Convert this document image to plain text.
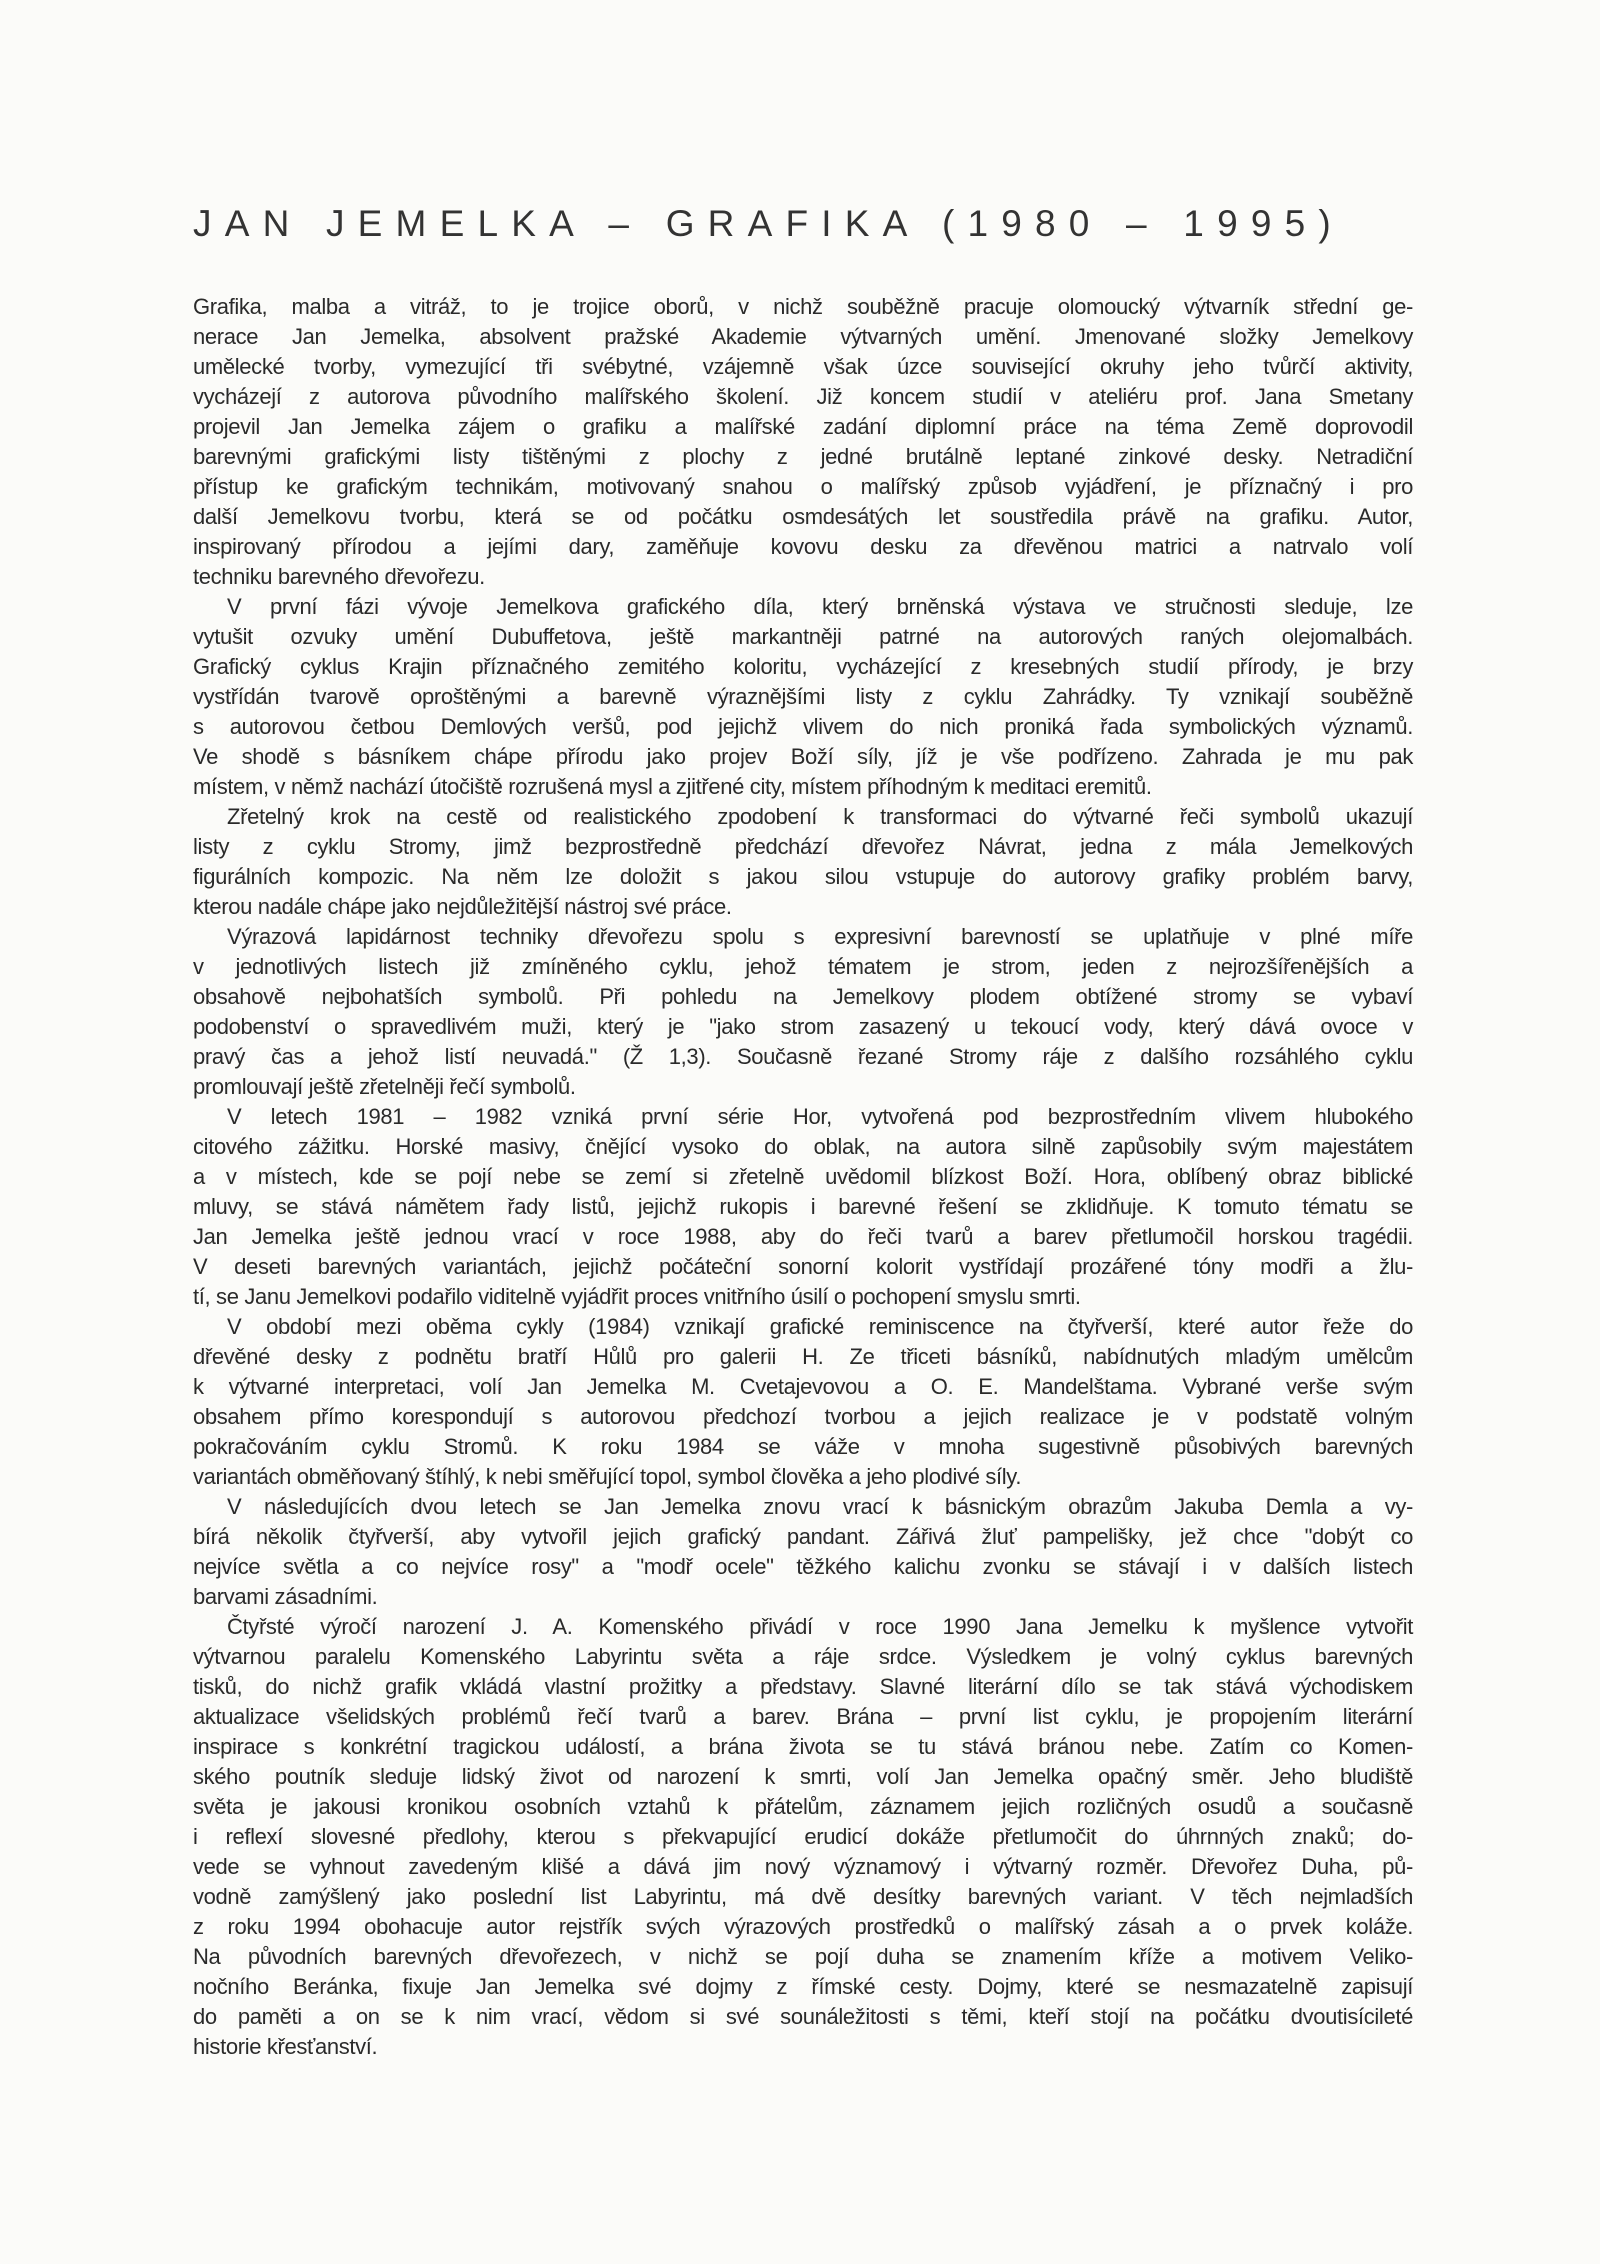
JAN JEMELKA – GRAFIKA (1980 – 1995)
Grafika, malba a vitráž, to je trojice oborů, v nichž souběžně pracuje olomoucký výtvarník střední ge-
nerace Jan Jemelka, absolvent pražské Akademie výtvarných umění. Jmenované složky Jemelkovy
umělecké tvorby, vymezující tři svébytné, vzájemně však úzce související okruhy jeho tvůrčí aktivity,
vycházejí z autorova původního malířského školení. Již koncem studií v ateliéru prof. Jana Smetany
projevil Jan Jemelka zájem o grafiku a malířské zadání diplomní práce na téma Země doprovodil
barevnými grafickými listy tištěnými z plochy z jedné brutálně leptané zinkové desky. Netradiční
přístup ke grafickým technikám, motivovaný snahou o malířský způsob vyjádření, je příznačný i pro
další Jemelkovu tvorbu, která se od počátku osmdesátých let soustředila právě na grafiku. Autor,
inspirovaný přírodou a jejími dary, zaměňuje kovovu desku za dřevěnou matrici a natrvalo volí
techniku barevného dřevořezu.
V první fázi vývoje Jemelkova grafického díla, který brněnská výstava ve stručnosti sleduje, lze
vytušit ozvuky umění Dubuffetova, ještě markantněji patrné na autorových raných olejomalbách.
Grafický cyklus Krajin příznačného zemitého koloritu, vycházející z kresebných studií přírody, je brzy
vystřídán tvarově oproštěnými a barevně výraznějšími listy z cyklu Zahrádky. Ty vznikají souběžně
s autorovou četbou Demlových veršů, pod jejichž vlivem do nich proniká řada symbolických významů.
Ve shodě s básníkem chápe přírodu jako projev Boží síly, jíž je vše podřízeno. Zahrada je mu pak
místem, v němž nachází útočiště rozrušená mysl a zjitřené city, místem příhodným k meditaci eremitů.
Zřetelný krok na cestě od realistického zpodobení k transformaci do výtvarné řeči symbolů ukazují
listy z cyklu Stromy, jimž bezprostředně předchází dřevořez Návrat, jedna z mála Jemelkových
figurálních kompozic. Na něm lze doložit s jakou silou vstupuje do autorovy grafiky problém barvy,
kterou nadále chápe jako nejdůležitější nástroj své práce.
Výrazová lapidárnost techniky dřevořezu spolu s expresivní barevností se uplatňuje v plné míře
v jednotlivých listech již zmíněného cyklu, jehož tématem je strom, jeden z nejrozšířenějších a
obsahově nejbohatších symbolů. Při pohledu na Jemelkovy plodem obtížené stromy se vybaví
podobenství o spravedlivém muži, který je "jako strom zasazený u tekoucí vody, který dává ovoce v
pravý čas a jehož listí neuvadá." (Ž 1,3). Současně řezané Stromy ráje z dalšího rozsáhlého cyklu
promlouvají ještě zřetelněji řečí symbolů.
V letech 1981 – 1982 vzniká první série Hor, vytvořená pod bezprostředním vlivem hlubokého
citového zážitku. Horské masivy, čnějící vysoko do oblak, na autora silně zapůsobily svým majestátem
a v místech, kde se pojí nebe se zemí si zřetelně uvědomil blízkost Boží. Hora, oblíbený obraz biblické
mluvy, se stává námětem řady listů, jejichž rukopis i barevné řešení se zklidňuje. K tomuto tématu se
Jan Jemelka ještě jednou vrací v roce 1988, aby do řeči tvarů a barev přetlumočil horskou tragédii.
V deseti barevných variantách, jejichž počáteční sonorní kolorit vystřídají prozářené tóny modři a žlu-
tí, se Janu Jemelkovi podařilo viditelně vyjádřit proces vnitřního úsilí o pochopení smyslu smrti.
V období mezi oběma cykly (1984) vznikají grafické reminiscence na čtyřverší, které autor řeže do
dřevěné desky z podnětu bratří Hůlů pro galerii H. Ze třiceti básníků, nabídnutých mladým umělcům
k výtvarné interpretaci, volí Jan Jemelka M. Cvetajevovou a O. E. Mandelštama. Vybrané verše svým
obsahem přímo korespondují s autorovou předchozí tvorbou a jejich realizace je v podstatě volným
pokračováním cyklu Stromů. K roku 1984 se váže v mnoha sugestivně působivých barevných
variantách obměňovaný štíhlý, k nebi směřující topol, symbol člověka a jeho plodivé síly.
V následujících dvou letech se Jan Jemelka znovu vrací k básnickým obrazům Jakuba Demla a vy-
bírá několik čtyřverší, aby vytvořil jejich grafický pandant. Zářivá žluť pampelišky, jež chce "dobýt co
nejvíce světla a co nejvíce rosy" a "modř ocele" těžkého kalichu zvonku se stávají i v dalších listech
barvami zásadními.
Čtyřsté výročí narození J. A. Komenského přivádí v roce 1990 Jana Jemelku k myšlence vytvořit
výtvarnou paralelu Komenského Labyrintu světa a ráje srdce. Výsledkem je volný cyklus barevných
tisků, do nichž grafik vkládá vlastní prožitky a představy. Slavné literární dílo se tak stává východiskem
aktualizace všelidských problémů řečí tvarů a barev. Brána – první list cyklu, je propojením literární
inspirace s konkrétní tragickou událostí, a brána života se tu stává bránou nebe. Zatím co Komen-
ského poutník sleduje lidský život od narození k smrti, volí Jan Jemelka opačný směr. Jeho bludiště
světa je jakousi kronikou osobních vztahů k přátelům, záznamem jejich rozličných osudů a současně
i reflexí slovesné předlohy, kterou s překvapující erudicí dokáže přetlumočit do úhrnných znaků; do-
vede se vyhnout zavedeným klišé a dává jim nový významový i výtvarný rozměr. Dřevořez Duha, pů-
vodně zamýšlený jako poslední list Labyrintu, má dvě desítky barevných variant. V těch nejmladších
z roku 1994 obohacuje autor rejstřík svých výrazových prostředků o malířský zásah a o prvek koláže.
Na původních barevných dřevořezech, v nichž se pojí duha se znamením kříže a motivem Veliko-
nočního Beránka, fixuje Jan Jemelka své dojmy z římské cesty. Dojmy, které se nesmazatelně zapisují
do paměti a on se k nim vrací, vědom si své sounáležitosti s těmi, kteří stojí na počátku dvoutisícileté
historie křesťanství.
